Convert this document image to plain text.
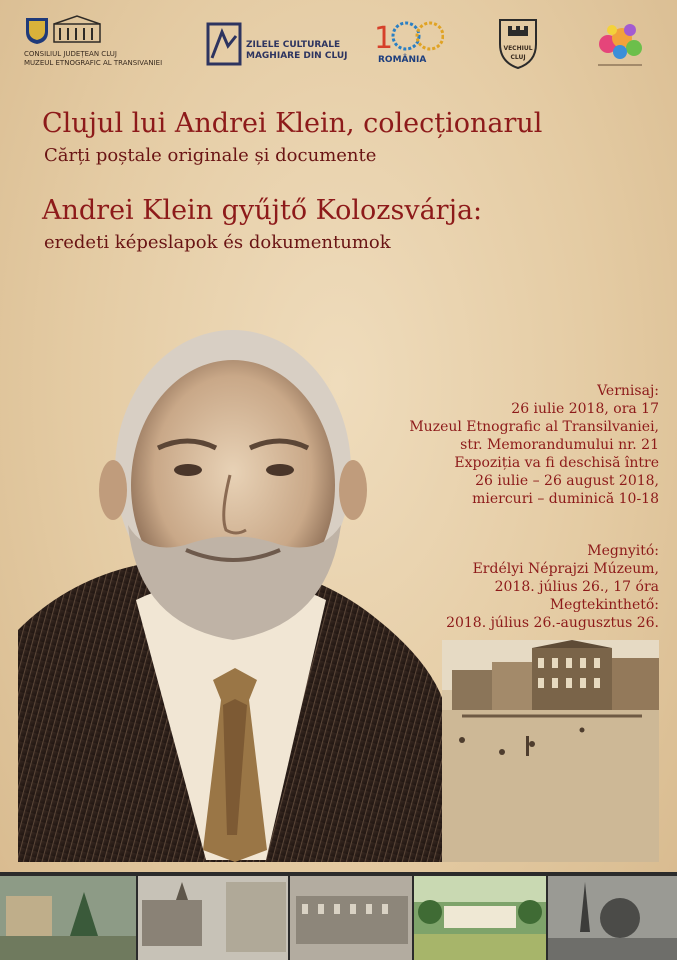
CONSILIUL JUDEȚEAN CLUJ
MUZEUL ETNOGRAFIC AL TRANSIVANIEI
ZILELE CULTURALE
MAGHIARE DIN CLUJ 1
ROMÂNIA
VECHIUL CLUJ
Clujul lui Andrei Klein, colecționarul
Cărți poștale originale și documente
Andrei Klein gyűjtő Kolozsvárja:
eredeti képeslapok és dokumentumok
Vernisaj:
26 iulie 2018, ora 17
Muzeul Etnografic al Transilvaniei,
str. Memorandumului nr. 21
Expoziția va fi deschisă între
26 iulie – 26 august 2018,
miercuri – duminică 10-18
Megnyitó:
Erdélyi Néprajzi Múzeum,
2018. július 26., 17 óra
Megtekinthető:
2018. július 26.-augusztus 26.
